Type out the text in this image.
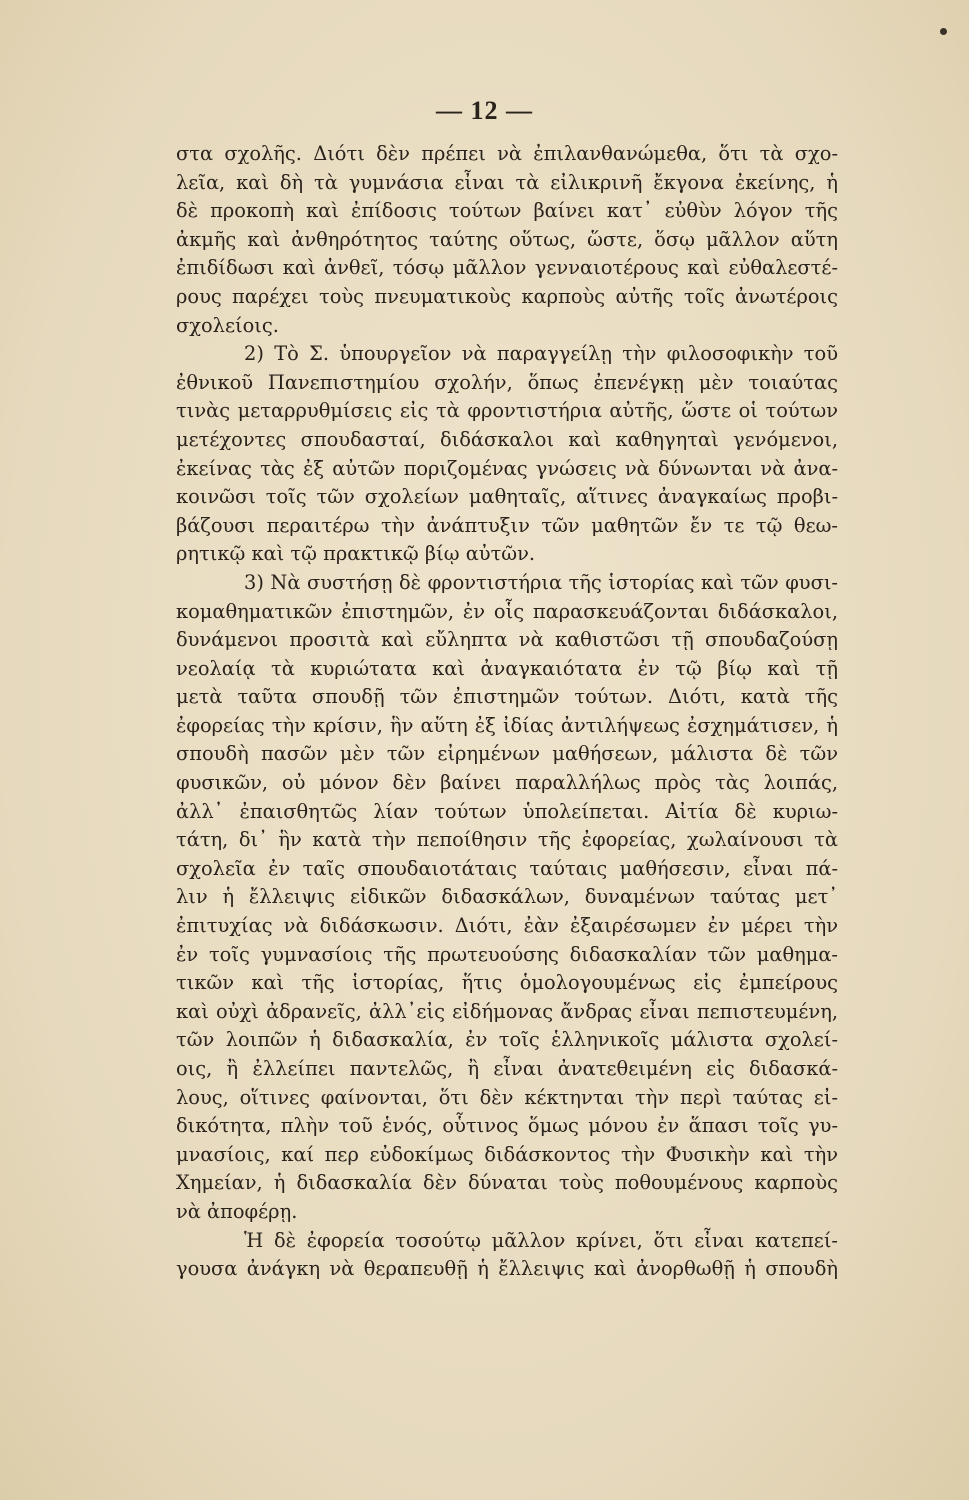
— 12 —
στα σχολῆς. Διότι δὲν πρέπει νὰ ἐπιλανθανώμεθα, ὅτι τὰ σχο-
λεῖα, καὶ δὴ τὰ γυμνάσια εἶναι τὰ εἰλικρινῆ ἔκγονα ἐκείνης, ἡ
δὲ προκοπὴ καὶ ἐπίδοσις τούτων βαίνει κατ᾽ εὐθὺν λόγον τῆς
ἀκμῆς καὶ ἀνθηρότητος ταύτης οὕτως, ὥστε, ὅσῳ μᾶλλον αὕτη
ἐπιδίδωσι καὶ ἀνθεῖ, τόσῳ μᾶλλον γενναιοτέρους καὶ εὐθαλεστέ-
ρους παρέχει τοὺς πνευματικοὺς καρποὺς αὐτῆς τοῖς ἀνωτέροις
σχολείοις.
2) Τὸ Σ. ὑπουργεῖον νὰ παραγγείλῃ τὴν φιλοσοφικὴν τοῦ
ἐθνικοῦ Πανεπιστημίου σχολήν, ὅπως ἐπενέγκῃ μὲν τοιαύτας
τινὰς μεταρρυθμίσεις εἰς τὰ φροντιστήρια αὐτῆς, ὥστε οἱ τούτων
μετέχοντες σπουδασταί, διδάσκαλοι καὶ καθηγηταὶ γενόμενοι,
ἐκείνας τὰς ἐξ αὐτῶν ποριζομένας γνώσεις νὰ δύνωνται νὰ ἀνα-
κοινῶσι τοῖς τῶν σχολείων μαθηταῖς, αἵτινες ἀναγκαίως προβι-
βάζουσι περαιτέρω τὴν ἀνάπτυξιν τῶν μαθητῶν ἔν τε τῷ θεω-
ρητικῷ καὶ τῷ πρακτικῷ βίῳ αὐτῶν.
3) Νὰ συστήσῃ δὲ φροντιστήρια τῆς ἱστορίας καὶ τῶν φυσι-
κομαθηματικῶν ἐπιστημῶν, ἐν οἷς παρασκευάζονται διδάσκαλοι,
δυνάμενοι προσιτὰ καὶ εὔληπτα νὰ καθιστῶσι τῇ σπουδαζούσῃ
νεολαίᾳ τὰ κυριώτατα καὶ ἀναγκαιότατα ἐν τῷ βίῳ καὶ τῇ
μετὰ ταῦτα σπουδῇ τῶν ἐπιστημῶν τούτων. Διότι, κατὰ τῆς
ἐφορείας τὴν κρίσιν, ἣν αὕτη ἐξ ἰδίας ἀντιλήψεως ἐσχημάτισεν, ἡ
σπουδὴ πασῶν μὲν τῶν εἰρημένων μαθήσεων, μάλιστα δὲ τῶν
φυσικῶν, οὐ μόνον δὲν βαίνει παραλλήλως πρὸς τὰς λοιπάς,
ἀλλ᾽ ἐπαισθητῶς λίαν τούτων ὑπολείπεται. Αἰτία δὲ κυριω-
τάτη, δι᾽ ἣν κατὰ τὴν πεποίθησιν τῆς ἐφορείας, χωλαίνουσι τὰ
σχολεῖα ἐν ταῖς σπουδαιοτάταις ταύταις μαθήσεσιν, εἶναι πά-
λιν ἡ ἔλλειψις εἰδικῶν διδασκάλων, δυναμένων ταύτας μετ᾽
ἐπιτυχίας νὰ διδάσκωσιν. Διότι, ἐὰν ἐξαιρέσωμεν ἐν μέρει τὴν
ἐν τοῖς γυμνασίοις τῆς πρωτευούσης διδασκαλίαν τῶν μαθημα-
τικῶν καὶ τῆς ἱστορίας, ἥτις ὁμολογουμένως εἰς ἐμπείρους
καὶ οὐχὶ ἀδρανεῖς, ἀλλ᾽εἰς εἰδήμονας ἄνδρας εἶναι πεπιστευμένη,
τῶν λοιπῶν ἡ διδασκαλία, ἐν τοῖς ἑλληνικοῖς μάλιστα σχολεί-
οις, ἢ ἐλλείπει παντελῶς, ἢ εἶναι ἀνατεθειμένη εἰς διδασκά-
λους, οἵτινες φαίνονται, ὅτι δὲν κέκτηνται τὴν περὶ ταύτας εἰ-
δικότητα, πλὴν τοῦ ἑνός, οὗτινος ὅμως μόνου ἐν ἅπασι τοῖς γυ-
μνασίοις, καί περ εὐδοκίμως διδάσκοντος τὴν Φυσικὴν καὶ τὴν
Χημείαν, ἡ διδασκαλία δὲν δύναται τοὺς ποθουμένους καρποὺς
νὰ ἀποφέρῃ.
Ἡ δὲ ἐφορεία τοσούτῳ μᾶλλον κρίνει, ὅτι εἶναι κατεπεί-
γουσα ἀνάγκη νὰ θεραπευθῇ ἡ ἔλλειψις καὶ ἀνορθωθῇ ἡ σπουδὴ
